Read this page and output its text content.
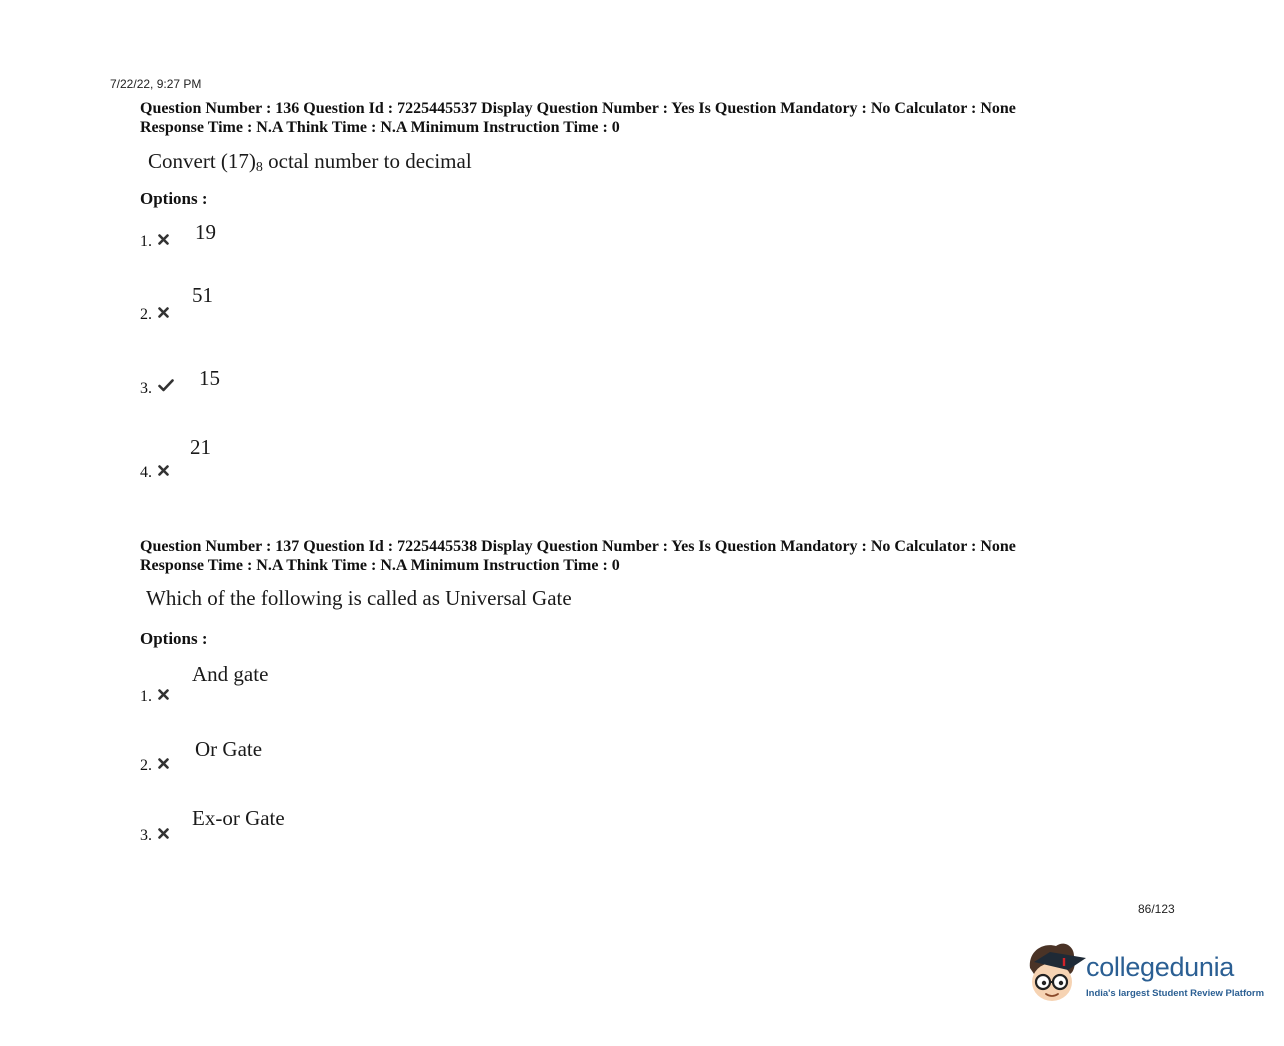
7/22/22, 9:27 PM
Question Number : 136 Question Id : 7225445537 Display Question Number : Yes Is Question Mandatory : No Calculator : None
Response Time : N.A Think Time : N.A Minimum Instruction Time : 0
Convert $(17)_8$ octal number to decimal
Options :
1.	19
2.
51
3.	15
4.
21
Question Number : 137 Question Id : 7225445538 Display Question Number : Yes Is Question Mandatory : No Calculator : None
Response Time : N.A Think Time : N.A Minimum Instruction Time : 0
Which of the following is called as Universal Gate
Options :
1.
And gate
2.
Or Gate
3.
Ex-or Gate
86/123
collegedunia
India's largest Student Review Platform
